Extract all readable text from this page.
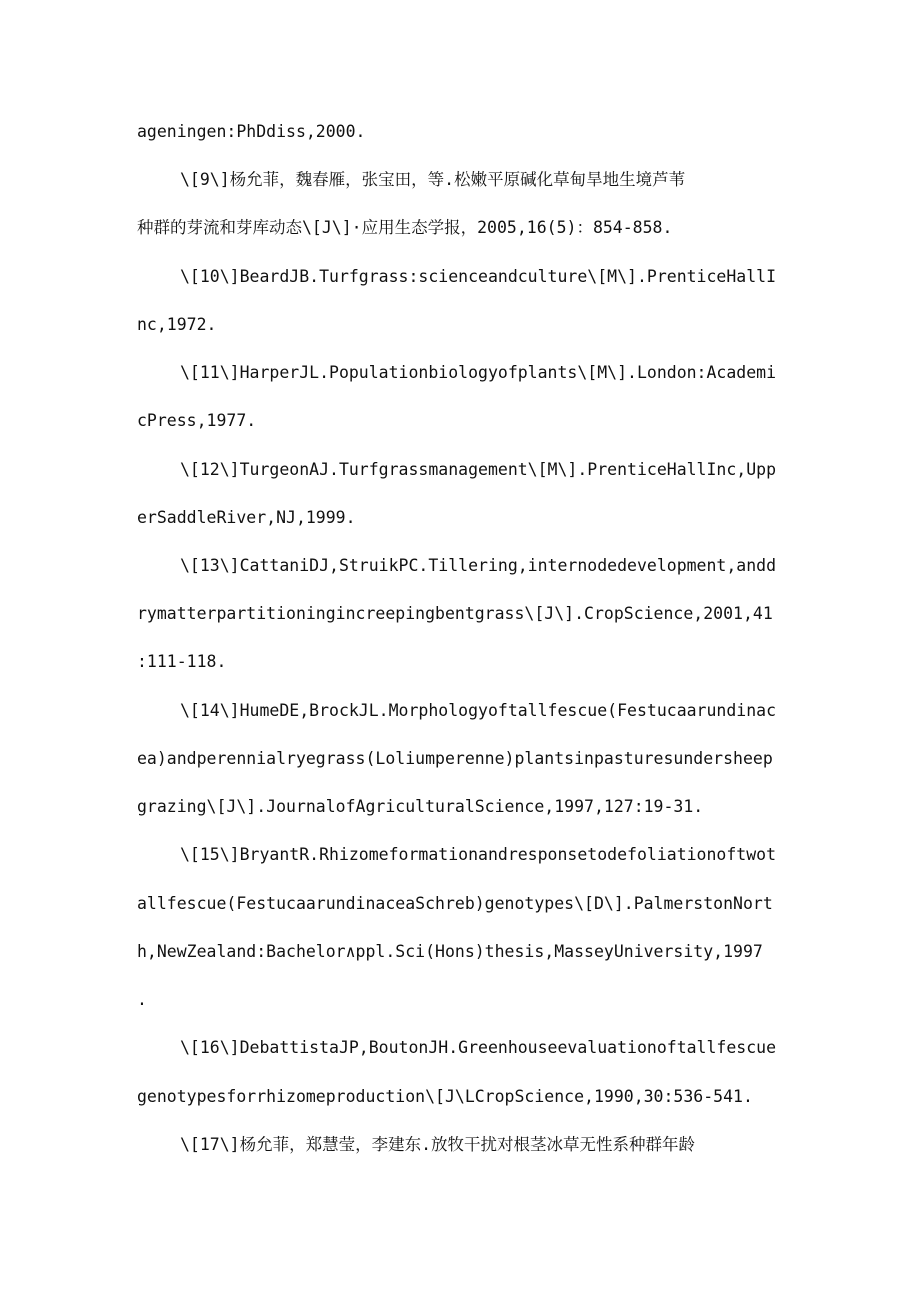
ageningen:PhDdiss,2000.
\[9\]杨允菲，魏春雁，张宝田，等.松嫩平原碱化草甸旱地生境芦苇
种群的芽流和芽库动态\[J\]·应用生态学报，2005,16(5)：854-858.
\[10\]BeardJB.Turfgrass:scienceandculture\[M\].PrenticeHallI
nc,1972.
\[11\]HarperJL.Populationbiologyofplants\[M\].London:Academi
cPress,1977.
\[12\]TurgeonAJ.Turfgrassmanagement\[M\].PrenticeHallInc,Upp
erSaddleRiver,NJ,1999.
\[13\]CattaniDJ,StruikPC.Tillering,internodedevelopment,andd
rymatterpartitioningincreepingbentgrass\[J\].CropScience,2001,41
:111-118.
\[14\]HumeDE,BrockJL.Morphologyoftallfescue(Festucaarundinac
ea)andperennialryegrass(Loliumperenne)plantsinpasturesundersheep
grazing\[J\].JournalofAgriculturalScience,1997,127:19-31.
\[15\]BryantR.Rhizomeformationandresponsetodefoliationoftwot
allfescue(FestucaarundinaceaSchreb)genotypes\[D\].PalmerstonNort
h,NewZealand:Bachelor∧ppl.Sci(Hons)thesis,MasseyUniversity,1997
.
\[16\]DebattistaJP,BoutonJH.Greenhouseevaluationoftallfescue
genotypesforrhizomeproduction\[J\LCropScience,1990,30:536-541.
\[17\]杨允菲，郑慧莹，李建东.放牧干扰对根茎冰草无性系种群年龄
